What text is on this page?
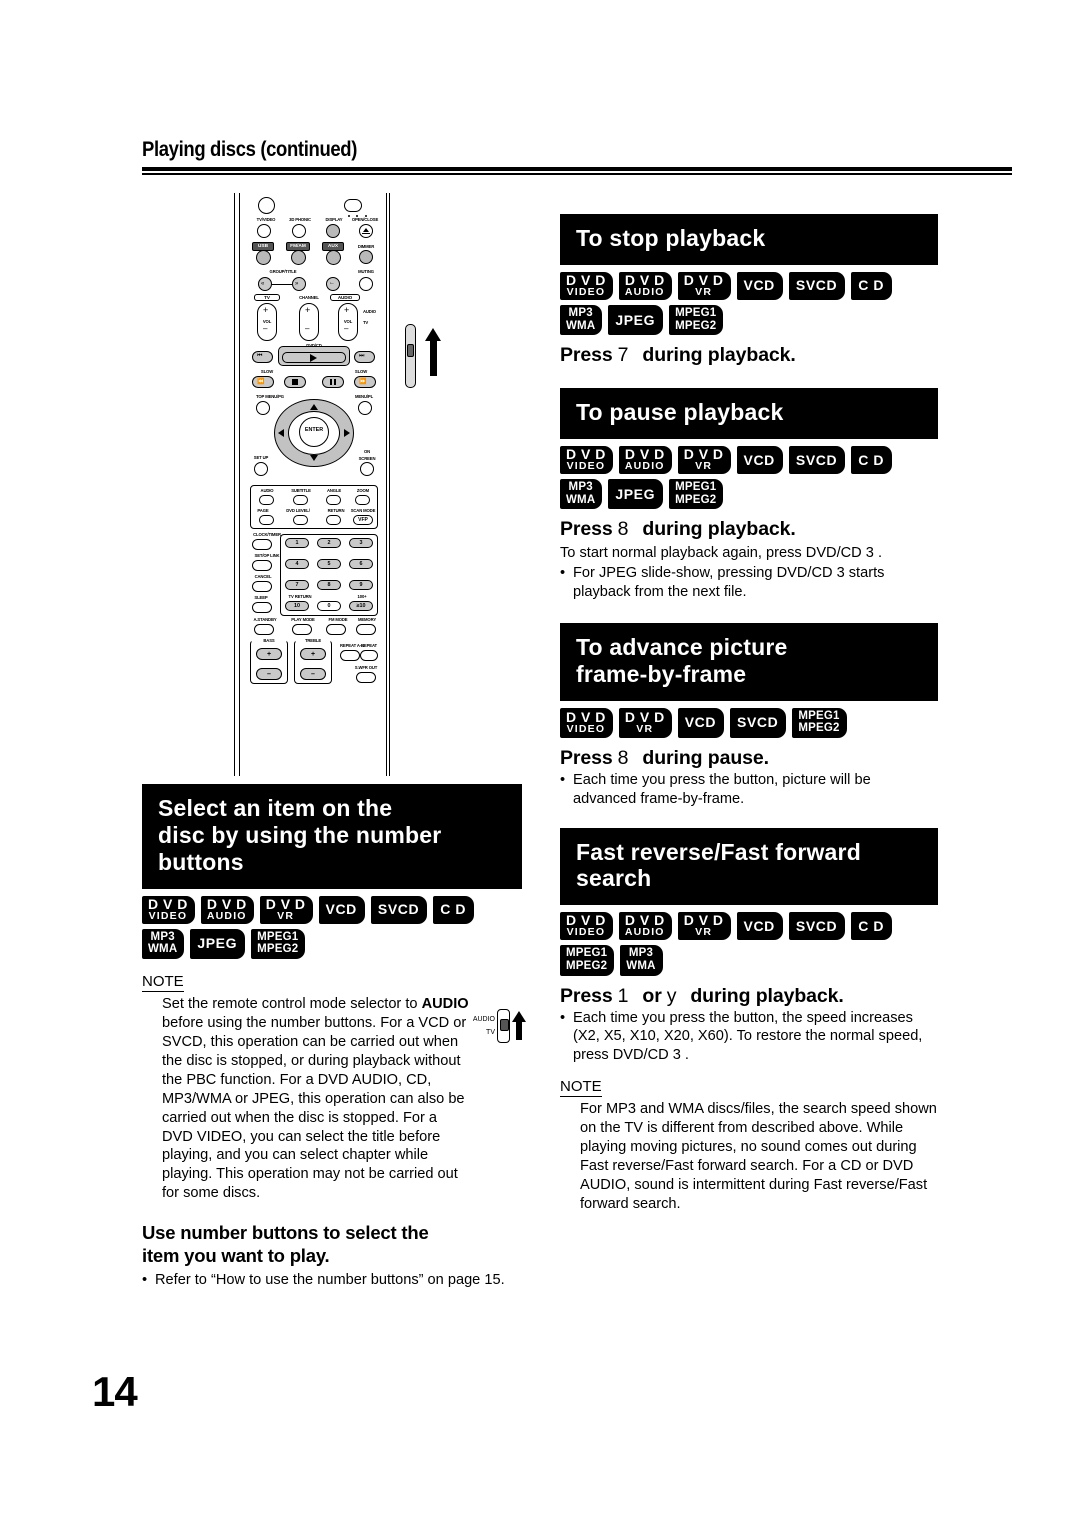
Playing discs (continued)

TV/VIDEO	3D PHONIC	DISPLAY	OPEN/CLOSE
USB	FM/AM	AUX	DIMMER
GROUP/TITLE	MUTING
«	»	←
TV	CHANNEL	AUDIO
+
VOL
–
+
–
+
VOL
–
AUDIO
TV
DVD/CD
⏮	⏭
SLOW	SLOW
⏪	⏩
TOP MENU/PG	MENU/PL
ENTER
SET UP
ON
SCREEN
AUDIO	SUBTITLE	ANGLE	ZOOM
PAGE	DVD LEVEL/	RETURN	SCAN MODE
VFP
CLOCK/TIMER
SET/OP LINK
CANCEL
SLEEP
1	2	3
4	5	6
7	8	9
TV RETURN	100+
10	0	≥10
A.STANDBY	PLAY MODE	FM MODE	MEMORY
BASS
+
–
TREBLE
+
–
REPEAT A-B
REPEAT
S.WFR OUT
Select an item on the
disc by using the number
buttons
D V D
VIDEO
D V D
AUDIO
D V D
VR VCD SVCD C D
MP3
WMA JPEG MPEG1
MPEG2
NOTE
Set the remote control mode selector to AUDIO before using the number buttons. For a VCD or SVCD, this operation can be carried out when the disc is stopped, or during playback without the PBC function. For a DVD AUDIO, CD, MP3/WMA or JPEG, this operation can also be carried out when the disc is stopped. For a DVD VIDEO, you can select the title before playing, and you can select chapter while playing. This operation may not be carried out for some discs.
AUDIO
TV
Use number buttons to select the
item you want to play.
• Refer to “How to use the number buttons” on page 15.
To stop playback
D V D
VIDEO
D V D
AUDIO
D V D
VR VCD SVCD C D
MP3
WMA JPEG MPEG1
MPEG2
Press 7 during playback.
To pause playback
D V D
VIDEO
D V D
AUDIO
D V D
VR VCD SVCD C D
MP3
WMA JPEG MPEG1
MPEG2
Press 8 during playback.
To start normal playback again, press DVD/CD 3 .
• For JPEG slide-show, pressing DVD/CD 3 starts playback from the next file.
To advance picture
frame-by-frame
D V D
VIDEO
D V D
VR VCD SVCD MPEG1
MPEG2
Press 8 during pause.
• Each time you press the button, picture will be advanced frame-by-frame.
Fast reverse/Fast forward
search
D V D
VIDEO
D V D
AUDIO
D V D
VR VCD SVCD C D
MPEG1
MPEG2
MP3
WMA
Press 1 or y during playback.
• Each time you press the button, the speed increases (X2, X5, X10, X20, X60). To restore the normal speed, press DVD/CD 3 .
NOTE
For MP3 and WMA discs/files, the search speed shown on the TV is different from described above. While playing moving pictures, no sound comes out during Fast reverse/Fast forward search. For a CD or DVD AUDIO, sound is intermittent during Fast reverse/Fast forward search.
14
